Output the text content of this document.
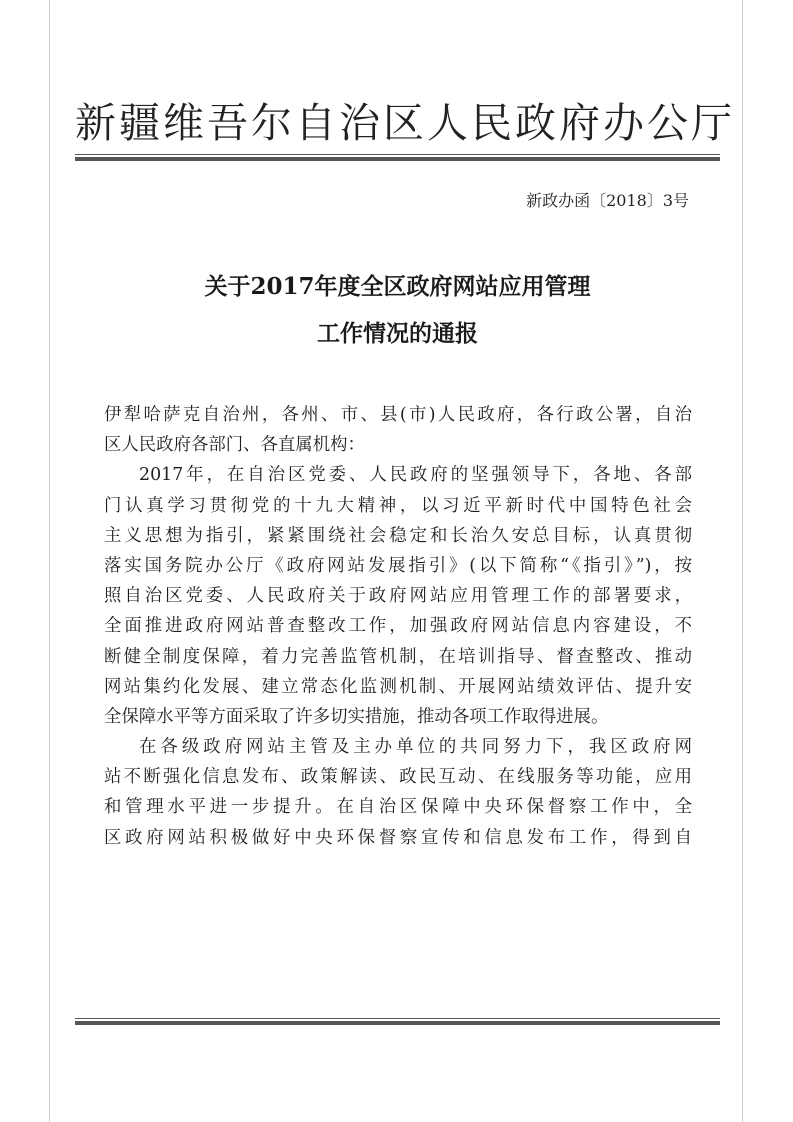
新疆维吾尔自治区人民政府办公厅
新政办函〔2018〕3号
关于2017年度全区政府网站应用管理
工作情况的通报
伊犁哈萨克自治州，各州、市、县(市)人民政府，各行政公署，自治
区人民政府各部门、各直属机构：
2017年，在自治区党委、人民政府的坚强领导下，各地、各部
门认真学习贯彻党的十九大精神，以习近平新时代中国特色社会
主义思想为指引，紧紧围绕社会稳定和长治久安总目标，认真贯彻
落实国务院办公厅《政府网站发展指引》(以下简称“《指引》”)，按
照自治区党委、人民政府关于政府网站应用管理工作的部署要求，
全面推进政府网站普查整改工作，加强政府网站信息内容建设，不
断健全制度保障，着力完善监管机制，在培训指导、督查整改、推动
网站集约化发展、建立常态化监测机制、开展网站绩效评估、提升安
全保障水平等方面采取了许多切实措施，推动各项工作取得进展。
在各级政府网站主管及主办单位的共同努力下，我区政府网
站不断强化信息发布、政策解读、政民互动、在线服务等功能，应用
和管理水平进一步提升。在自治区保障中央环保督察工作中，全
区政府网站积极做好中央环保督察宣传和信息发布工作，得到自
